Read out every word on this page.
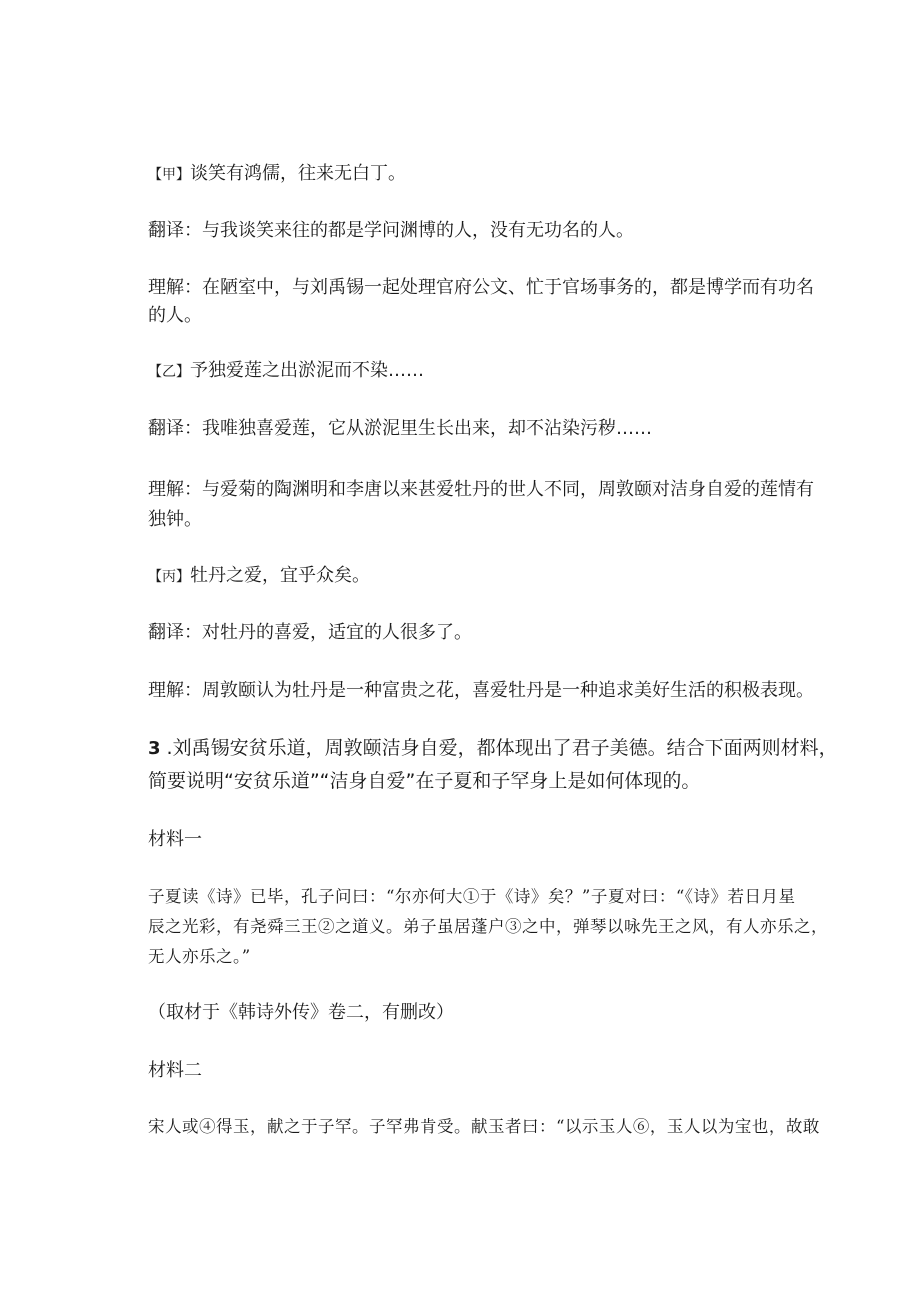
【甲】谈笑有鸿儒，往来无白丁。
翻译：与我谈笑来往的都是学问渊博的人，没有无功名的人。
理解：在陋室中，与刘禹锡一起处理官府公文、忙于官场事务的，都是博学而有功名
的人。
【乙】予独爱莲之出淤泥而不染……
翻译：我唯独喜爱莲，它从淤泥里生长出来，却不沾染污秽……
理解：与爱菊的陶渊明和李唐以来甚爱牡丹的世人不同，周敦颐对洁身自爱的莲情有
独钟。
【丙】牡丹之爱，宜乎众矣。
翻译：对牡丹的喜爱，适宜的人很多了。
理解：周敦颐认为牡丹是一种富贵之花，喜爱牡丹是一种追求美好生活的积极表现。
3 .刘禹锡安贫乐道，周敦颐洁身自爱，都体现出了君子美德。结合下面两则材料，
简要说明“安贫乐道”“洁身自爱”在子夏和子罕身上是如何体现的。
材料一
子夏读《诗》已毕，孔子问曰：“尔亦何大①于《诗》矣？”子夏对曰：“《诗》若日月星
辰之光彩，有尧舜三王②之道义。弟子虽居蓬户③之中，弹琴以咏先王之风，有人亦乐之，
无人亦乐之。”
（取材于《韩诗外传》卷二，有删改）
材料二
宋人或④得玉，献之于子罕。子罕弗肯受。献玉者曰：“以示玉人⑥，玉人以为宝也，故敢
